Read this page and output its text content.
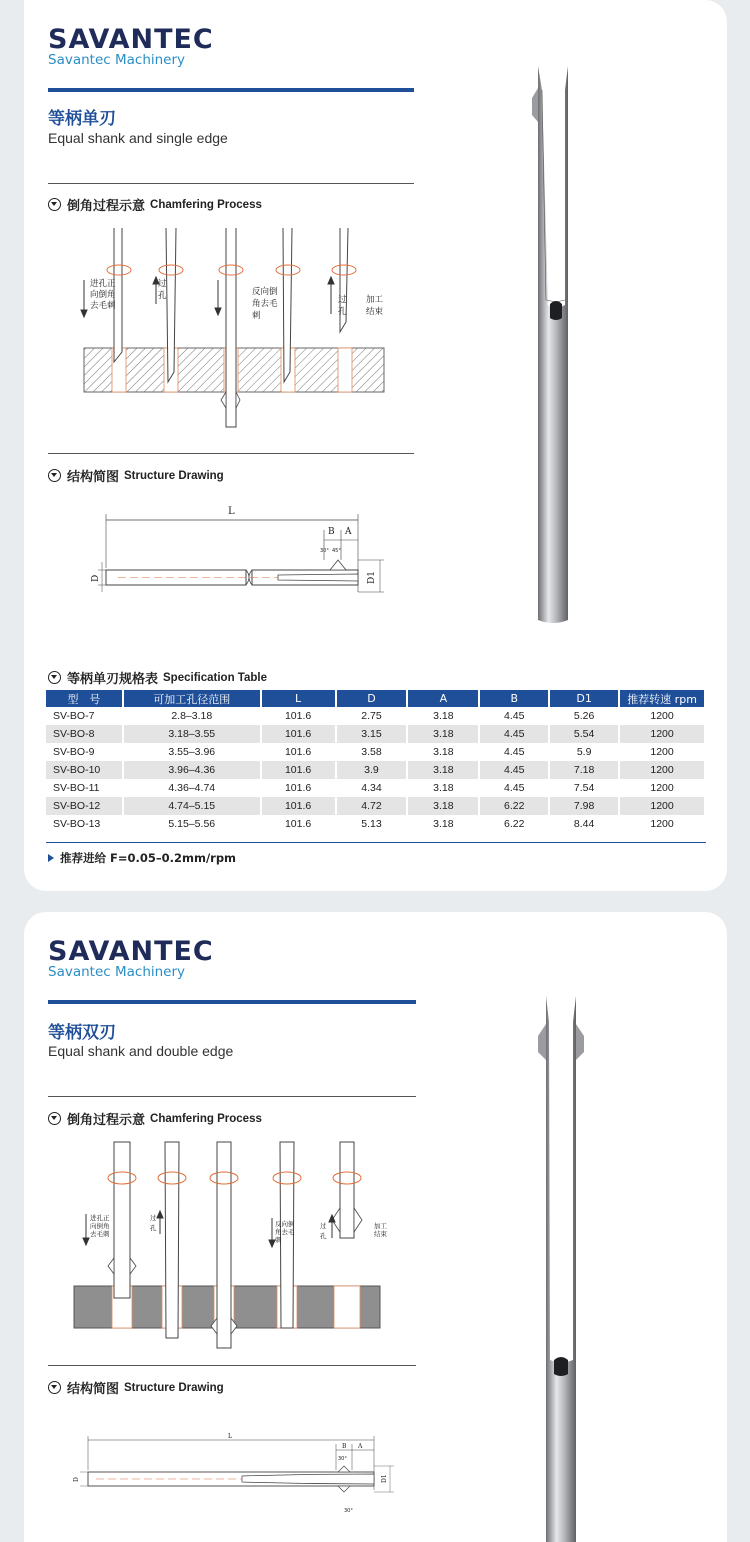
SAVANTEC
Savantec Machinery
等柄单刃
Equal shank and single edge
倒角过程示意 Chamfering Process
进孔正
向倒角
去毛刺
过
孔	反向倒
角去毛
刺
过
孔
加工
结束
结构简图 Structure Drawing
L
B A
30° 45°
D	D1
等柄单刃规格表 Specification Table
型　号	可加工孔径范围	L	D	A	B	D1	推荐转速 rpm
SV-BO-7	2.8–3.18	101.6	2.75	3.18	4.45	5.26	1200
SV-BO-8	3.18–3.55	101.6	3.15	3.18	4.45	5.54	1200
SV-BO-9	3.55–3.96	101.6	3.58	3.18	4.45	5.9	1200
SV-BO-10	3.96–4.36	101.6	3.9	3.18	4.45	7.18	1200
SV-BO-11	4.36–4.74	101.6	4.34	3.18	4.45	7.54	1200
SV-BO-12	4.74–5.15	101.6	4.72	3.18	6.22	7.98	1200
SV-BO-13	5.15–5.56	101.6	5.13	3.18	6.22	8.44	1200
推荐进给 F=0.05–0.2mm/rpm
SAVANTEC
Savantec Machinery
等柄双刃
Equal shank and double edge
倒角过程示意 Chamfering Process
进孔正
向倒角
去毛刺
过
孔	反向倒
角去毛
刺
过
孔
加工
结束
结构简图 Structure Drawing
L
B A
30°
30°
D	D1
